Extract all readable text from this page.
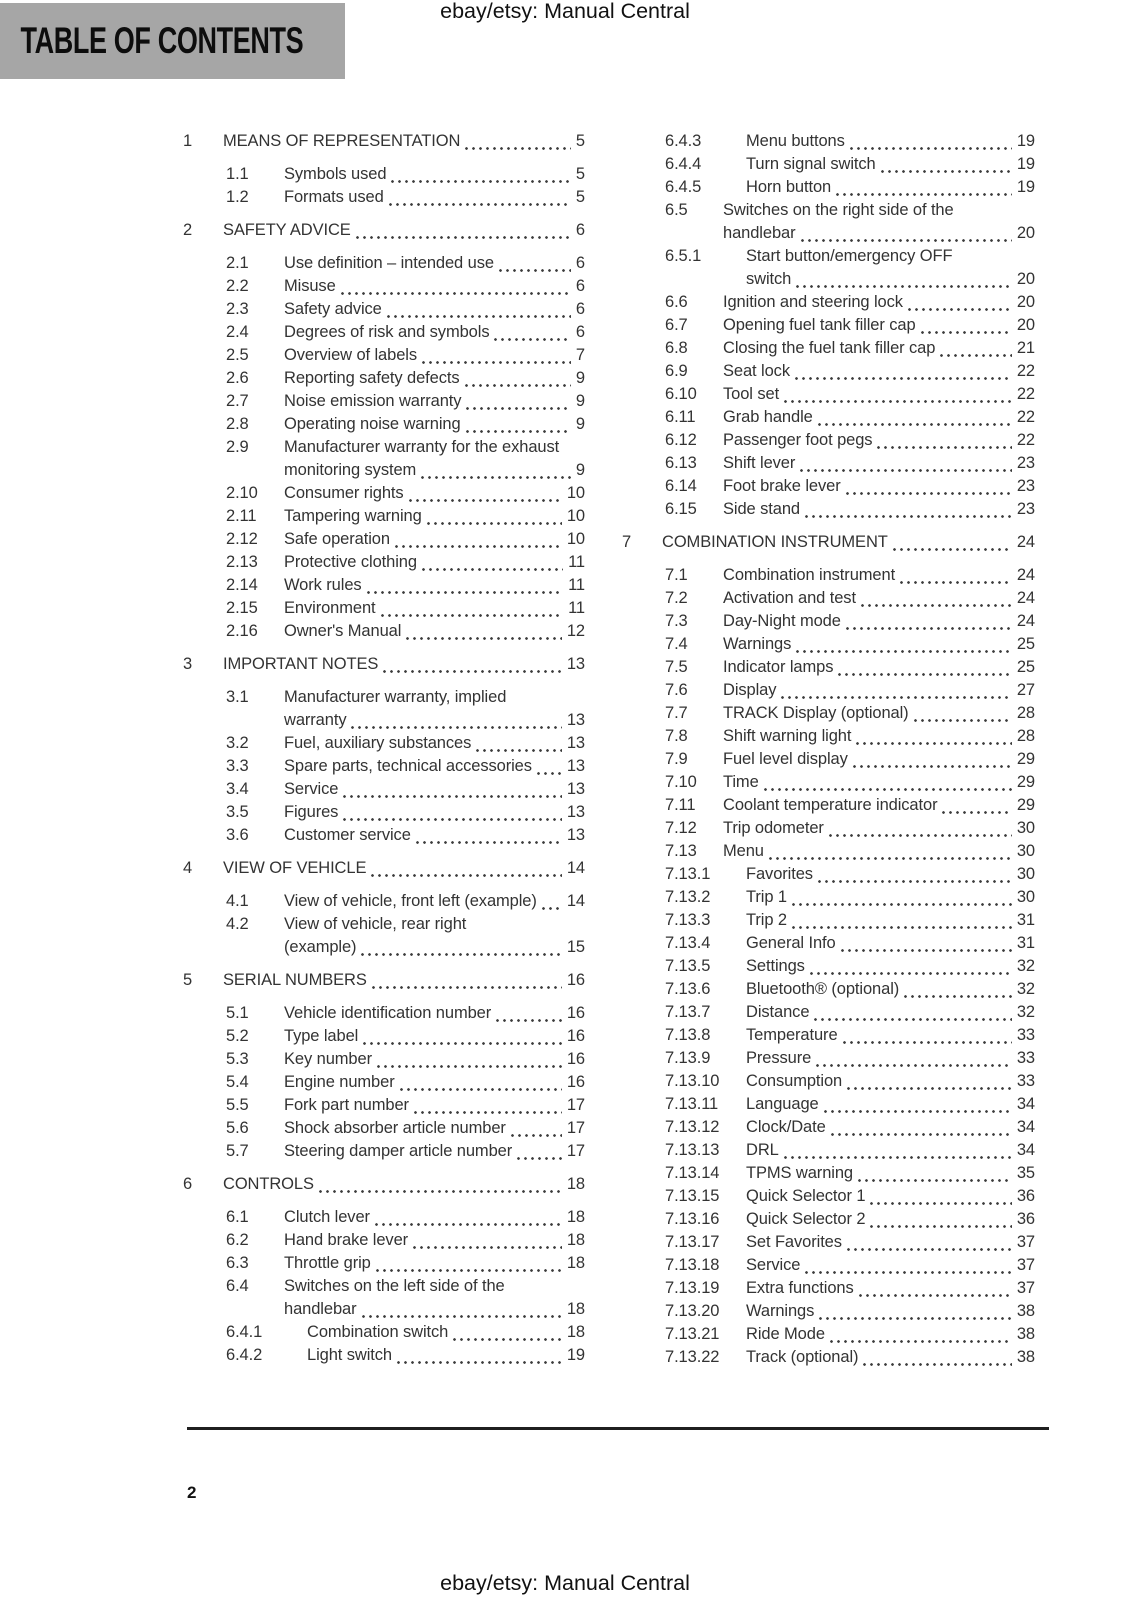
TABLE OF CONTENTS
ebay/etsy: Manual Central
1	MEANS OF REPRESENTATION	5
1.1	Symbols used	5
1.2	Formats used	5
2	SAFETY ADVICE	6
2.1	Use definition – intended use	6
2.2	Misuse	6
2.3	Safety advice	6
2.4	Degrees of risk and symbols	6
2.5	Overview of labels	7
2.6	Reporting safety defects	9
2.7	Noise emission warranty	9
2.8	Operating noise warning	9
2.9	Manufacturer warranty for the exhaust
monitoring system	9
2.10	Consumer rights	10
2.11	Tampering warning	10
2.12	Safe operation	10
2.13	Protective clothing	11
2.14	Work rules	11
2.15	Environment	11
2.16	Owner's Manual	12
3	IMPORTANT NOTES	13
3.1	Manufacturer warranty, implied
warranty	13
3.2	Fuel, auxiliary substances	13
3.3	Spare parts, technical accessories 13
3.4	Service	13
3.5	Figures	13
3.6	Customer service	13
4	VIEW OF VEHICLE	14
4.1	View of vehicle, front left (example) 14
4.2	View of vehicle, rear right
(example)	15
5	SERIAL NUMBERS	16
5.1	Vehicle identification number	16
5.2	Type label	16
5.3	Key number	16
5.4	Engine number	16
5.5	Fork part number	17
5.6	Shock absorber article number	17
5.7	Steering damper article number	17
6	CONTROLS	18
6.1	Clutch lever	18
6.2	Hand brake lever	18
6.3	Throttle grip	18
6.4	Switches on the left side of the
handlebar	18
6.4.1	Combination switch	18
6.4.2	Light switch	19
6.4.3	Menu buttons	19
6.4.4	Turn signal switch	19
6.4.5	Horn button	19
6.5	Switches on the right side of the
handlebar	20
6.5.1	Start button/emergency OFF
switch	20
6.6	Ignition and steering lock	20
6.7	Opening fuel tank filler cap	20
6.8	Closing the fuel tank filler cap	21
6.9	Seat lock	22
6.10	Tool set	22
6.11	Grab handle	22
6.12	Passenger foot pegs	22
6.13	Shift lever	23
6.14	Foot brake lever	23
6.15	Side stand	23
7	COMBINATION INSTRUMENT	24
7.1	Combination instrument	24
7.2	Activation and test	24
7.3	Day-Night mode	24
7.4	Warnings	25
7.5	Indicator lamps	25
7.6	Display	27
7.7	TRACK Display (optional)	28
7.8	Shift warning light	28
7.9	Fuel level display	29
7.10	Time	29
7.11	Coolant temperature indicator	29
7.12	Trip odometer	30
7.13	Menu	30
7.13.1	Favorites	30
7.13.2	Trip 1	30
7.13.3	Trip 2	31
7.13.4	General Info	31
7.13.5	Settings	32
7.13.6	Bluetooth® (optional)	32
7.13.7	Distance	32
7.13.8	Temperature	33
7.13.9	Pressure	33
7.13.10	Consumption	33
7.13.11	Language	34
7.13.12	Clock/Date	34
7.13.13	DRL	34
7.13.14	TPMS warning	35
7.13.15	Quick Selector 1	36
7.13.16	Quick Selector 2	36
7.13.17	Set Favorites	37
7.13.18	Service	37
7.13.19	Extra functions	37
7.13.20	Warnings	38
7.13.21	Ride Mode	38
7.13.22	Track (optional)	38
2
ebay/etsy: Manual Central
